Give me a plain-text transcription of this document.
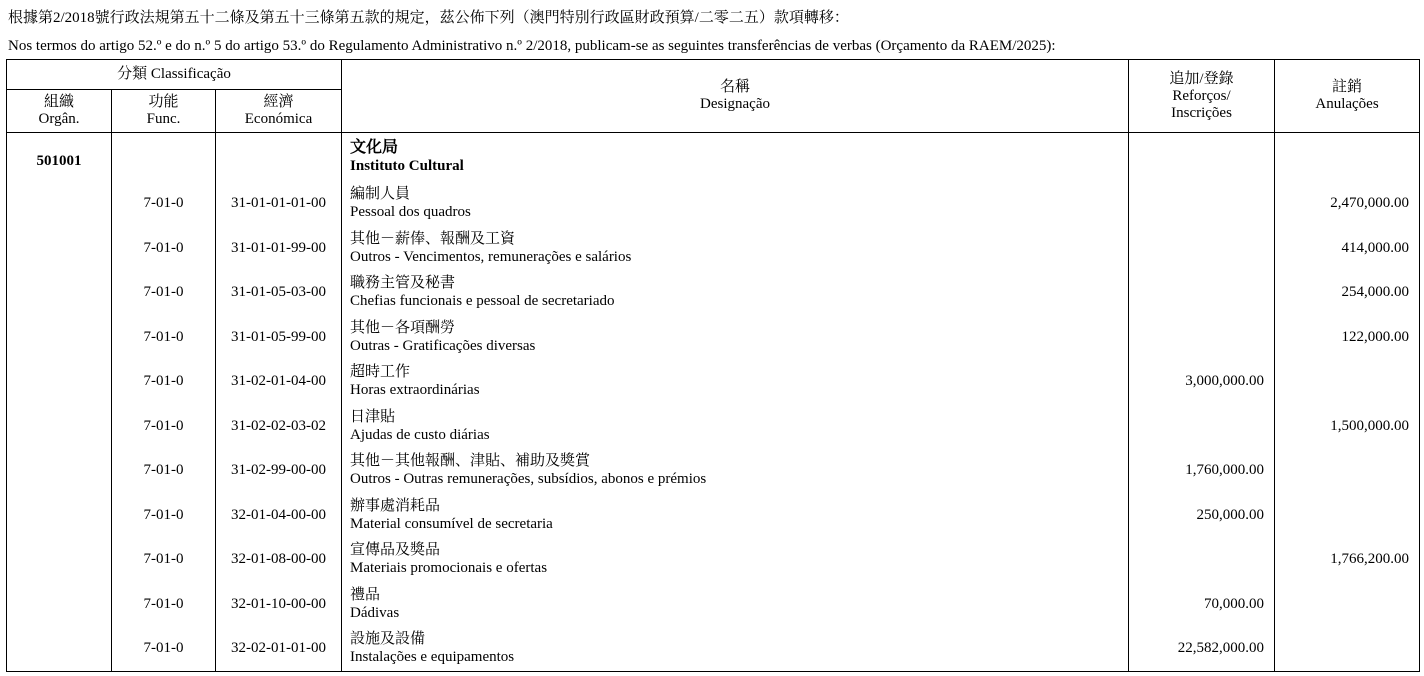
根據第2/2018號行政法規第五十二條及第五十三條第五款的規定，茲公佈下列（澳門特別行政區財政預算/二零二五）款項轉移：
Nos termos do artigo 52.º e do n.º 5 do artigo 53.º do Regulamento Administrativo n.º 2/2018, publicam-se as seguintes transferências de verbas (Orçamento da RAEM/2025):
分類 Classificação			名稱
Designação	追加/登錄
Reforços/
Inscrições	註銷
Anulações

組織
Orgân.	功能
Func.	經濟
Económica			

501001			文化局
Instituto Cultural		

	7-01-0	31-01-01-01-00	編制人員
Pessoal dos quadros		2,470,000.00
	7-01-0	31-01-01-99-00	其他－薪俸、報酬及工資
Outros - Vencimentos, remunerações e salários		414,000.00
	7-01-0	31-01-05-03-00	職務主管及秘書
Chefias funcionais e pessoal de secretariado		254,000.00
	7-01-0	31-01-05-99-00	其他－各項酬勞
Outras - Gratificações diversas		122,000.00
	7-01-0	31-02-01-04-00	超時工作
Horas extraordinárias	3,000,000.00	
	7-01-0	31-02-02-03-02	日津貼
Ajudas de custo diárias		1,500,000.00
	7-01-0	31-02-99-00-00	其他－其他報酬、津貼、補助及獎賞
Outros - Outras remunerações, subsídios, abonos e prémios	1,760,000.00	
	7-01-0	32-01-04-00-00	辦事處消耗品
Material consumível de secretaria	250,000.00	
	7-01-0	32-01-08-00-00	宣傳品及獎品
Materiais promocionais e ofertas		1,766,200.00
	7-01-0	32-01-10-00-00	禮品
Dádivas	70,000.00	
	7-01-0	32-02-01-01-00	設施及設備
Instalações e equipamentos	22,582,000.00	
